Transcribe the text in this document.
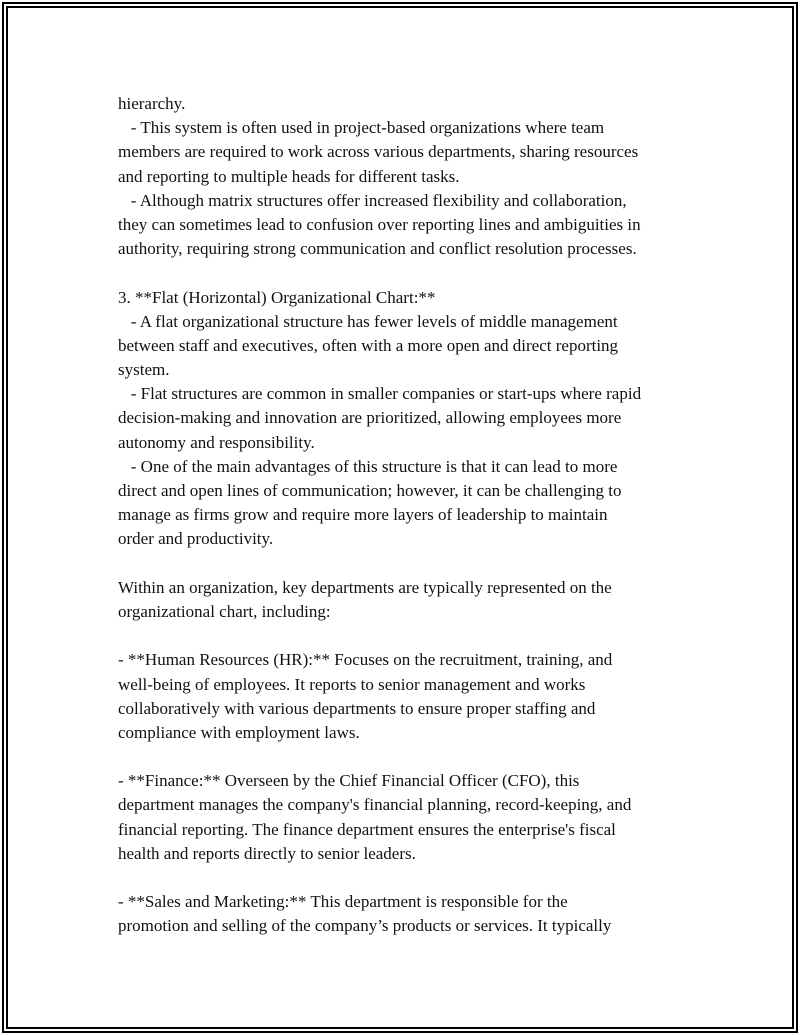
hierarchy.
- This system is often used in project-based organizations where team
members are required to work across various departments, sharing resources
and reporting to multiple heads for different tasks.
- Although matrix structures offer increased flexibility and collaboration,
they can sometimes lead to confusion over reporting lines and ambiguities in
authority, requiring strong communication and conflict resolution processes.
3. **Flat (Horizontal) Organizational Chart:**
- A flat organizational structure has fewer levels of middle management
between staff and executives, often with a more open and direct reporting
system.
- Flat structures are common in smaller companies or start-ups where rapid
decision-making and innovation are prioritized, allowing employees more
autonomy and responsibility.
- One of the main advantages of this structure is that it can lead to more
direct and open lines of communication; however, it can be challenging to
manage as firms grow and require more layers of leadership to maintain
order and productivity.
Within an organization, key departments are typically represented on the
organizational chart, including:
- **Human Resources (HR):** Focuses on the recruitment, training, and
well-being of employees. It reports to senior management and works
collaboratively with various departments to ensure proper staffing and
compliance with employment laws.
- **Finance:** Overseen by the Chief Financial Officer (CFO), this
department manages the company's financial planning, record-keeping, and
financial reporting. The finance department ensures the enterprise's fiscal
health and reports directly to senior leaders.
- **Sales and Marketing:** This department is responsible for the
promotion and selling of the company’s products or services. It typically
